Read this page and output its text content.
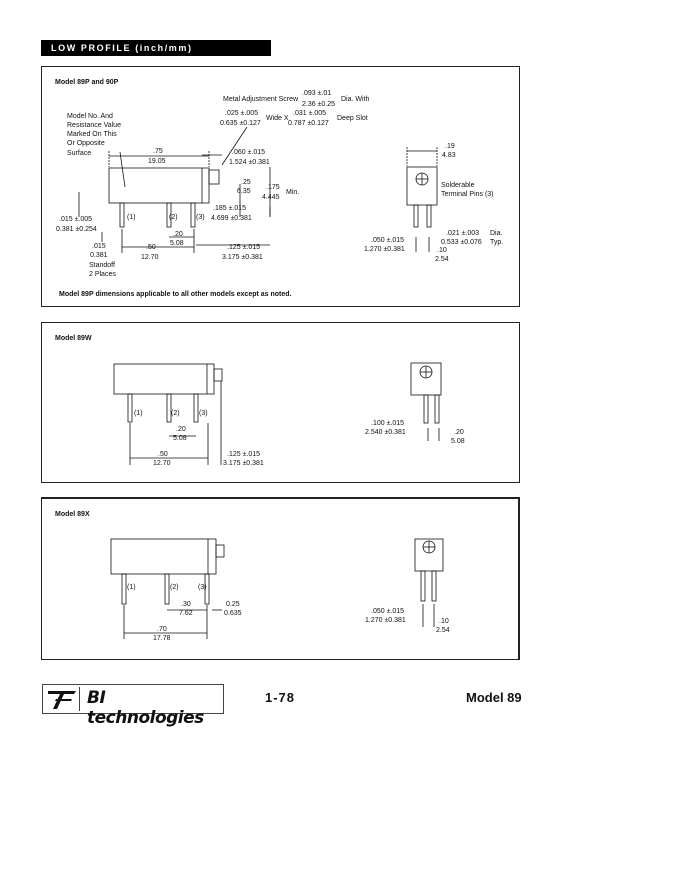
LOW PROFILE (inch/mm)
Model 89P and 90P
Model No. And
Resistance Value
Marked On This
Or Opposite
Surface
Metal Adjustment Screw
.093 ±.01
2.36 ±0.25
Dia. With
.025 ±.005
0.635 ±0.127
Wide X
.031 ±.005
0.787 ±0.127
Deep Slot
.75
19.05
.060 ±.015
1.524 ±0.381
.25
6.35
.175
4.445
Min.
.185 ±.015
4.699 ±0.381
.015 ±.005
0.381 ±0.254
(1)	(2)	(3)
.20
5.08
.015
0.381
Standoff
2 Places
.50
12.70
.125 ±.015
3.175 ±0.381
.19
4.83
Solderable
Terminal Pins (3)
.021 ±.003
0.533 ±0.076
Dia.
Typ.
.050 ±.015
1.270 ±0.381	.10
2.54
Model 89P dimensions applicable to all other models except as noted.
Model 89W
(1)	(2)	(3)
.20
5.08
.50
12.70
.125 ±.015
3.175 ±0.381
.100 ±.015
2.540 ±0.381	.20
5.08
Model 89X
(1)	(2)	(3)
.30
7.62
0.25
0.635
.70
17.78
.050 ±.015
1.270 ±0.381	.10
2.54
BI technologies
1-78	Model 89
